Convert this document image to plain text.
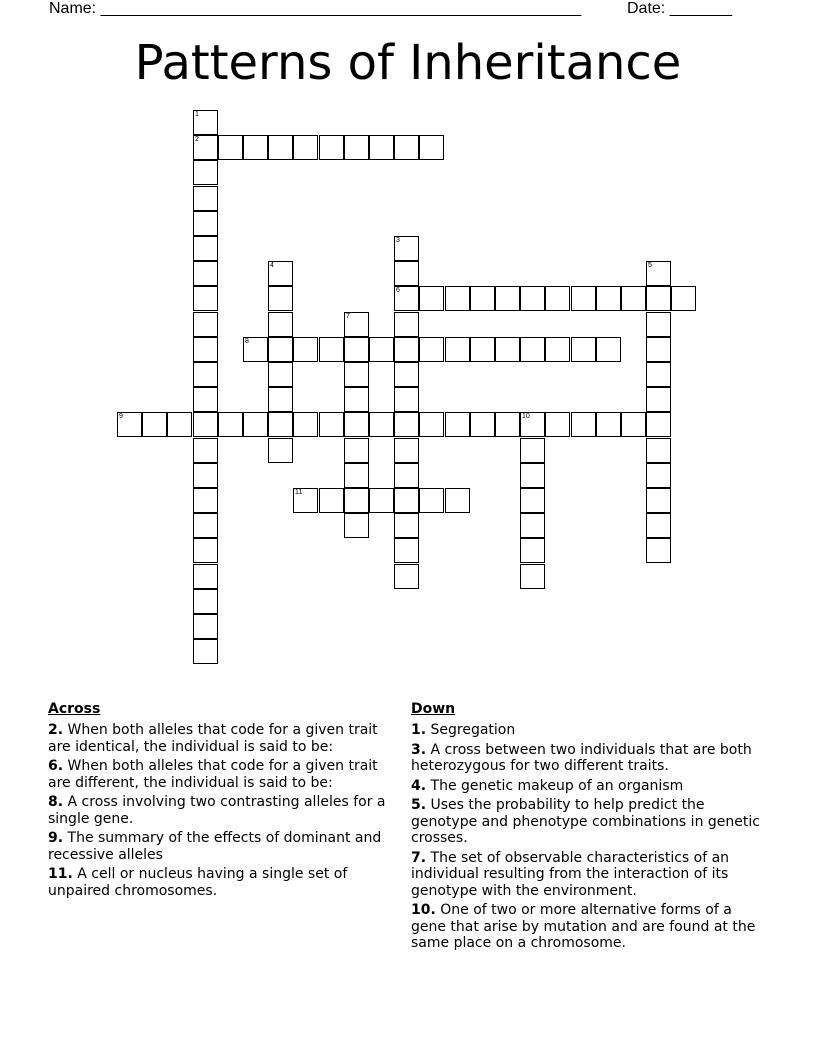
Name: ______________________________________________________	Date: _______
Patterns of Inheritance
1
2
3
6
4	5
7
8
9	10
11
Across
2. When both alleles that code for a given trait are identical, the individual is said to be:
6. When both alleles that code for a given trait are different, the individual is said to be:
8. A cross involving two contrasting alleles for a single gene.
9. The summary of the effects of dominant and recessive alleles
11. A cell or nucleus having a single set of unpaired chromosomes.
Down
1. Segregation
3. A cross between two individuals that are both heterozygous for two different traits.
4. The genetic makeup of an organism
5. Uses the probability to help predict the genotype and phenotype combinations in genetic crosses.
7. The set of observable characteristics of an individual resulting from the interaction of its genotype with the environment.
10. One of two or more alternative forms of a gene that arise by mutation and are found at the same place on a chromosome.
